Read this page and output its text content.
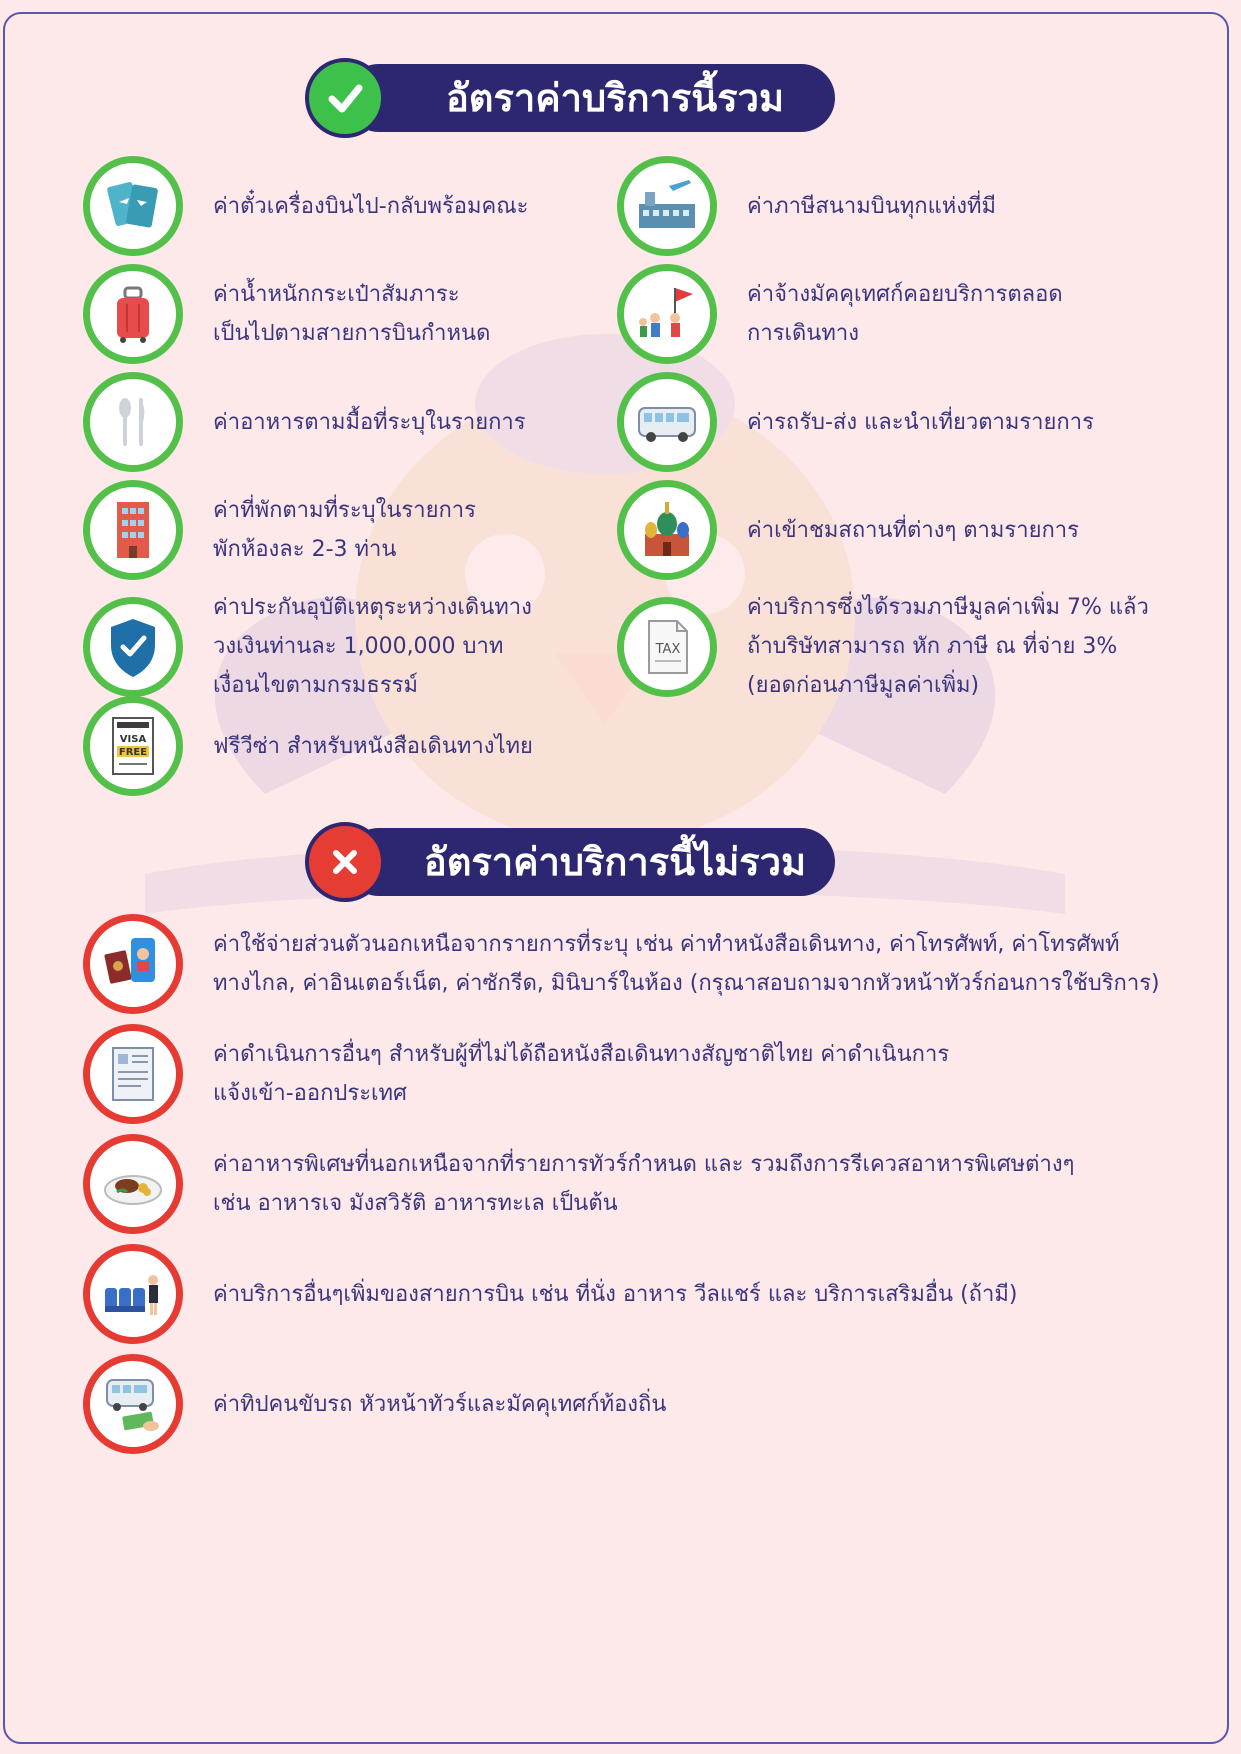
อัตราค่าบริการนี้รวม
ค่าตั๋วเครื่องบินไป-กลับพร้อมคณะ	ค่าภาษีสนามบินทุกแห่งที่มี
ค่าน้ำหนักกระเป๋าสัมภาระ
เป็นไปตามสายการบินกำหนด
ค่าจ้างมัคคุเทศก์คอยบริการตลอด
การเดินทาง
ค่าอาหารตามมื้อที่ระบุในรายการ	ค่ารถรับ-ส่ง และนำเที่ยวตามรายการ
ค่าที่พักตามที่ระบุในรายการ
พักห้องละ 2-3 ท่าน
ค่าเข้าชมสถานที่ต่างๆ ตามรายการ
ค่าประกันอุบัติเหตุระหว่างเดินทาง
วงเงินท่านละ 1,000,000 บาท
เงื่อนไขตามกรมธรรม์
TAX
ค่าบริการซึ่งได้รวมภาษีมูลค่าเพิ่ม 7% แล้ว
ถ้าบริษัทสามารถ หัก ภาษี ณ ที่จ่าย 3%
(ยอดก่อนภาษีมูลค่าเพิ่ม)
VISA
FREE	ฟรีวีซ่า สำหรับหนังสือเดินทางไทย
อัตราค่าบริการนี้ไม่รวม
ค่าใช้จ่ายส่วนตัวนอกเหนือจากรายการที่ระบุ เช่น ค่าทำหนังสือเดินทาง, ค่าโทรศัพท์, ค่าโทรศัพท์
ทางไกล, ค่าอินเตอร์เน็ต, ค่าซักรีด, มินิบาร์ในห้อง (กรุณาสอบถามจากหัวหน้าทัวร์ก่อนการใช้บริการ)
ค่าดำเนินการอื่นๆ สำหรับผู้ที่ไม่ได้ถือหนังสือเดินทางสัญชาติไทย ค่าดำเนินการ
แจ้งเข้า-ออกประเทศ
ค่าอาหารพิเศษที่นอกเหนือจากที่รายการทัวร์กำหนด และ รวมถึงการรีเควสอาหารพิเศษต่างๆ
เช่น อาหารเจ มังสวิรัติ อาหารทะเล เป็นต้น
ค่าบริการอื่นๆเพิ่มของสายการบิน เช่น ที่นั่ง อาหาร วีลแชร์ และ บริการเสริมอื่น (ถ้ามี)
ค่าทิปคนขับรถ หัวหน้าทัวร์และมัคคุเทศก์ท้องถิ่น
